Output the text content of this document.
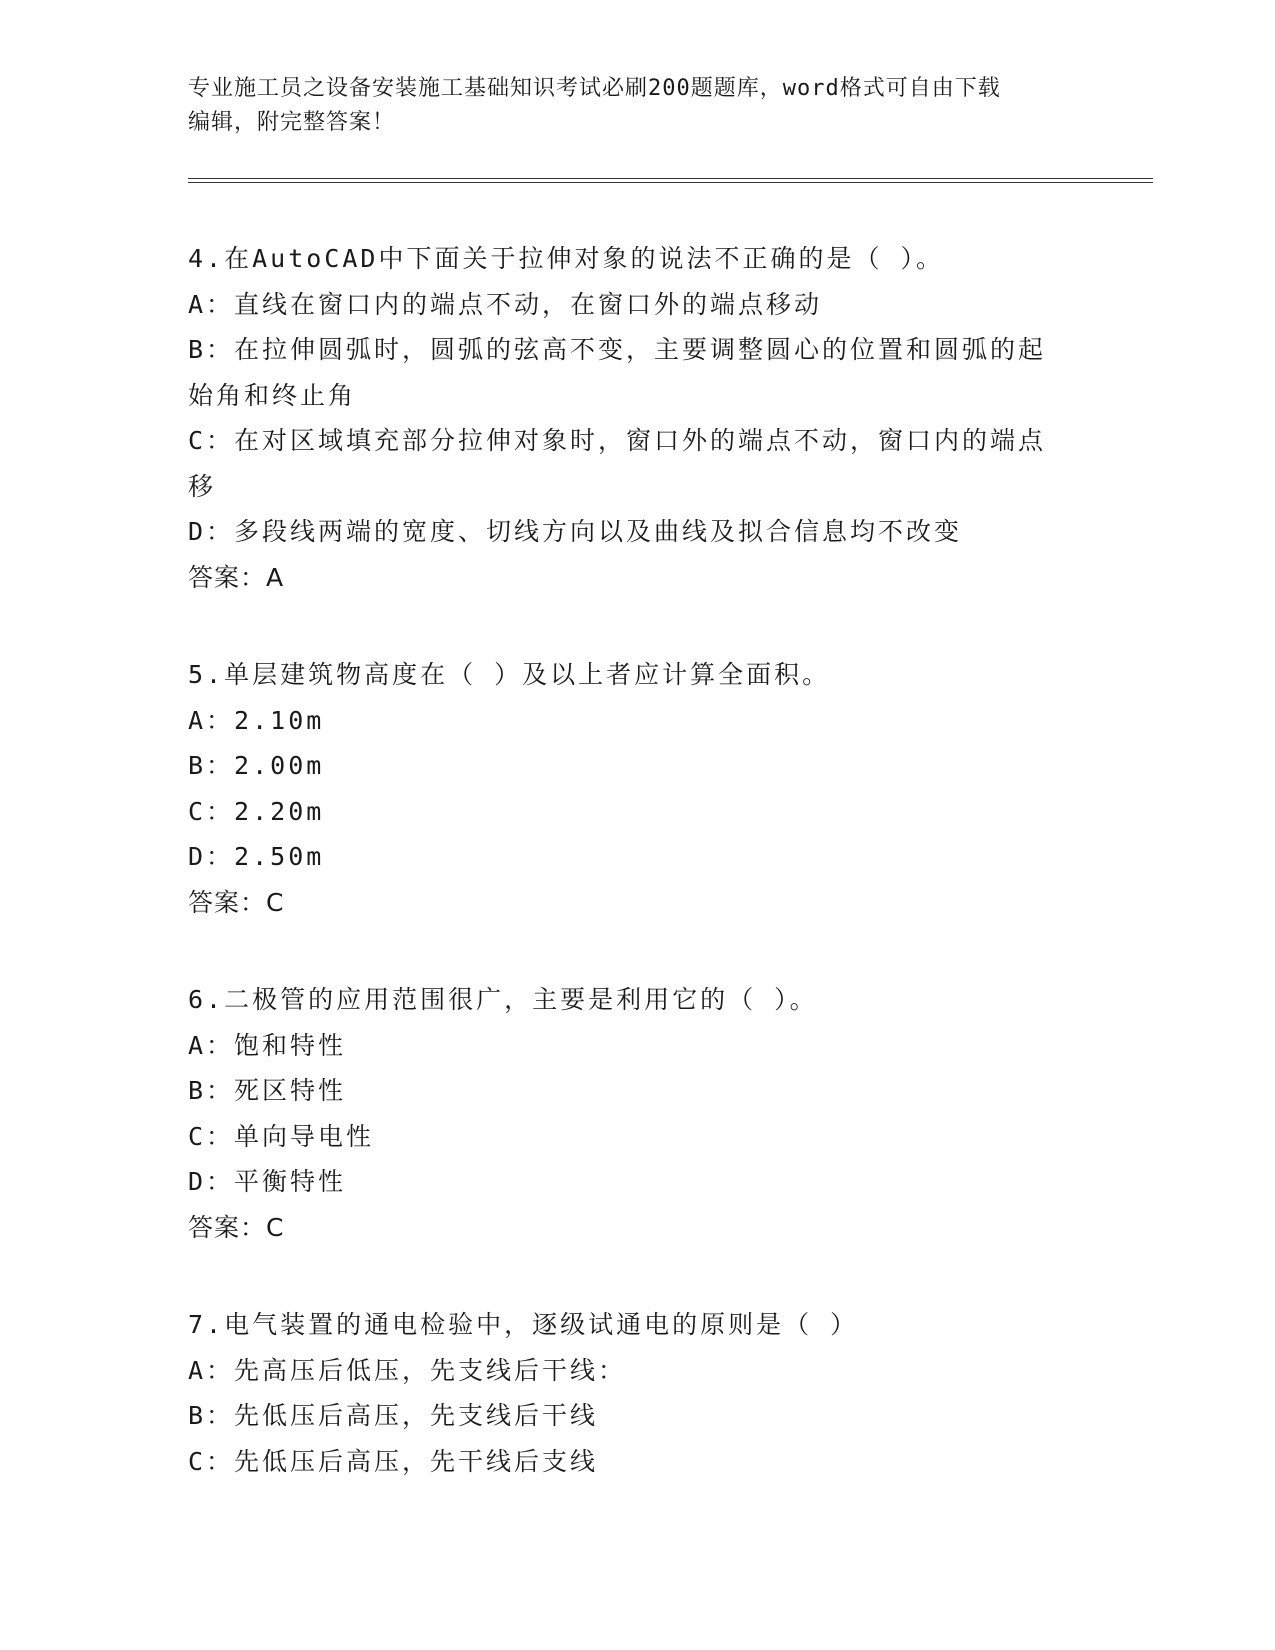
专业施工员之设备安装施工基础知识考试必刷200题题库，word格式可自由下载
编辑，附完整答案！
4.在AutoCAD中下面关于拉伸对象的说法不正确的是（ ）。
A：直线在窗口内的端点不动，在窗口外的端点移动
B：在拉伸圆弧时，圆弧的弦高不变，主要调整圆心的位置和圆弧的起
始角和终止角
C：在对区域填充部分拉伸对象时，窗口外的端点不动，窗口内的端点
移
D：多段线两端的宽度、切线方向以及曲线及拟合信息均不改变
答案：A
5.单层建筑物高度在（ ）及以上者应计算全面积。
A：2.10m
B：2.00m
C：2.20m
D：2.50m
答案：C
6.二极管的应用范围很广，主要是利用它的（ ）。
A：饱和特性
B：死区特性
C：单向导电性
D：平衡特性
答案：C
7.电气装置的通电检验中，逐级试通电的原则是（ ）
A：先高压后低压，先支线后干线：
B：先低压后高压，先支线后干线
C：先低压后高压，先干线后支线
